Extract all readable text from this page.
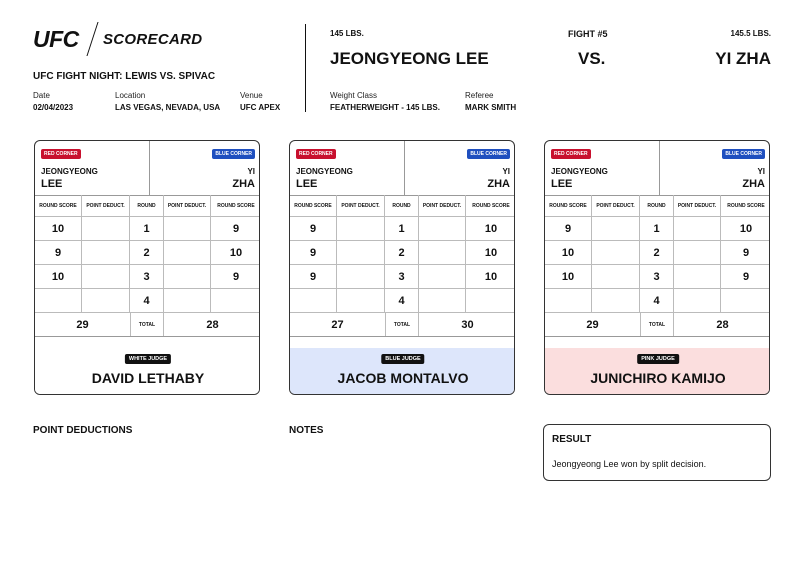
UFC SCORECARD
UFC FIGHT NIGHT: LEWIS VS. SPIVAC
Date
02/04/2023
Location
LAS VEGAS, NEVADA, USA
Venue
UFC APEX
145 LBS.
JEONGYEONG LEE
Weight Class
FEATHERWEIGHT - 145 LBS.
Referee
MARK SMITH
FIGHT #5
VS.
145.5 LBS.
YI ZHA
RED CORNER
JEONGYEONG
LEE
BLUE CORNER
YI
ZHA
ROUND SCORE	POINT DEDUCT.	ROUND	POINT DEDUCT.	ROUND SCORE
10	1	9
9	2	10
10	3	9
4
29	TOTAL	28
WHITE JUDGE
DAVID LETHABY
RED CORNER
JEONGYEONG
LEE
BLUE CORNER
YI
ZHA
ROUND SCORE	POINT DEDUCT.	ROUND	POINT DEDUCT.	ROUND SCORE
9	1	10
9	2	10
9	3	10
4
27	TOTAL	30
BLUE JUDGE
JACOB MONTALVO
RED CORNER
JEONGYEONG
LEE
BLUE CORNER
YI
ZHA
ROUND SCORE	POINT DEDUCT.	ROUND	POINT DEDUCT.	ROUND SCORE
9	1	10
10	2	9
10	3	9
4
29	TOTAL	28
PINK JUDGE
JUNICHIRO KAMIJO
POINT DEDUCTIONS	NOTES
RESULT
Jeongyeong Lee won by split decision.
